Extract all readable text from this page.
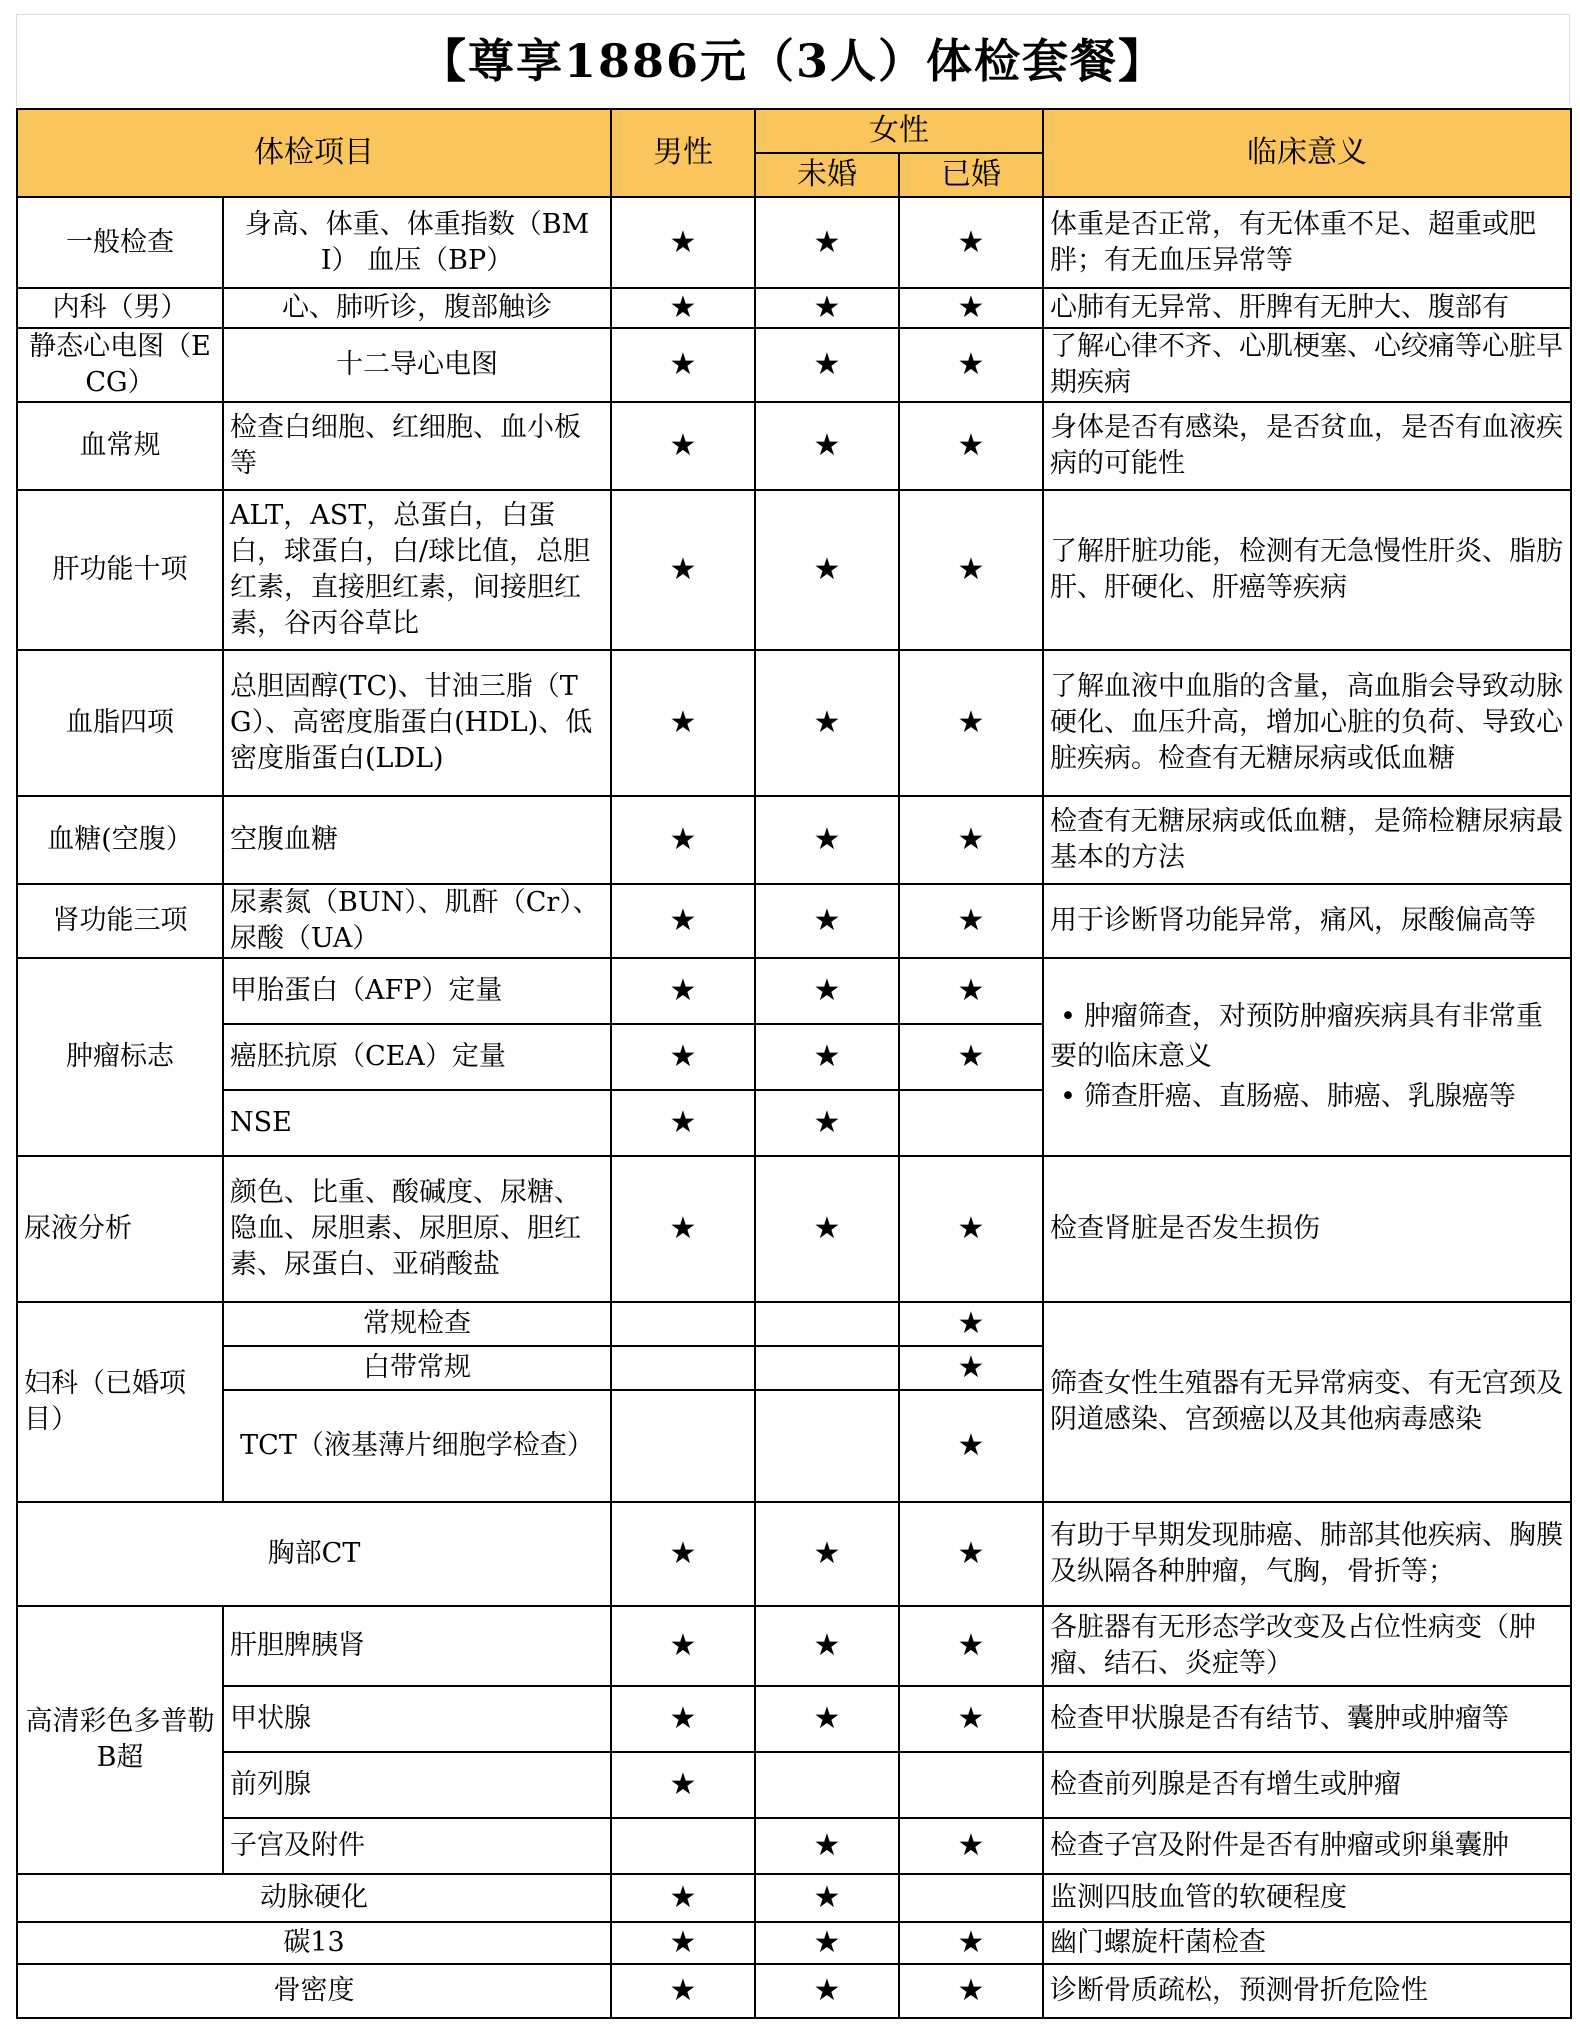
【尊享1886元（3人）体检套餐】
体检项目		男性	女性		临床意义
			未婚	已婚	
一般检查	身高、体重、体重指数（BMI） 血压（BP）	★	★	★	体重是否正常，有无体重不足、超重或肥胖；有无血压异常等
内科（男）	心、肺听诊，腹部触诊	★	★	★	心肺有无异常、肝脾有无肿大、腹部有
静态心电图（ECG）	十二导心电图	★	★	★	了解心律不齐、心肌梗塞、心绞痛等心脏早期疾病
血常规	检查白细胞、红细胞、血小板等	★	★	★	身体是否有感染，是否贫血，是否有血液疾病的可能性
肝功能十项	ALT，AST，总蛋白，白蛋白，球蛋白，白/球比值，总胆红素，直接胆红素，间接胆红素，谷丙谷草比	★	★	★	了解肝脏功能，检测有无急慢性肝炎、脂肪肝、肝硬化、肝癌等疾病
血脂四项	总胆固醇(TC)、甘油三脂（TG）、高密度脂蛋白(HDL)、低密度脂蛋白(LDL)	★	★	★	了解血液中血脂的含量，高血脂会导致动脉硬化、血压升高，增加心脏的负荷、导致心脏疾病。检查有无糖尿病或低血糖
血糖(空腹）	空腹血糖	★	★	★	检查有无糖尿病或低血糖，是筛检糖尿病最基本的方法
肾功能三项	尿素氮（BUN）、肌酐（Cr）、尿酸（UA）	★	★	★	用于诊断肾功能异常，痛风，尿酸偏高等
肿瘤标志	甲胎蛋白（AFP）定量	★	★	★	• 肿瘤筛查，对预防肿瘤疾病具有非常重要的临床意义
• 筛查肝癌、直肠癌、肺癌、乳腺癌等

	癌胚抗原（CEA）定量	★	★	★	
	NSE	★	★		
尿液分析	颜色、比重、酸碱度、尿糖、隐血、尿胆素、尿胆原、胆红素、尿蛋白、亚硝酸盐	★	★	★	检查肾脏是否发生损伤
妇科（已婚项目）	常规检查			★	筛查女性生殖器有无异常病变、有无宫颈及阴道感染、宫颈癌以及其他病毒感染
	白带常规			★	
	TCT（液基薄片细胞学检查）			★	
胸部CT		★	★	★	有助于早期发现肺癌、肺部其他疾病、胸膜及纵隔各种肿瘤，气胸，骨折等；
高清彩色多普勒B超	肝胆脾胰肾	★	★	★	各脏器有无形态学改变及占位性病变（肿瘤、结石、炎症等）
	甲状腺	★	★	★	检查甲状腺是否有结节、囊肿或肿瘤等
	前列腺	★			检查前列腺是否有增生或肿瘤
	子宫及附件		★	★	检查子宫及附件是否有肿瘤或卵巢囊肿
动脉硬化		★	★		监测四肢血管的软硬程度
碳13		★	★	★	幽门螺旋杆菌检查
骨密度		★	★	★	诊断骨质疏松，预测骨折危险性
